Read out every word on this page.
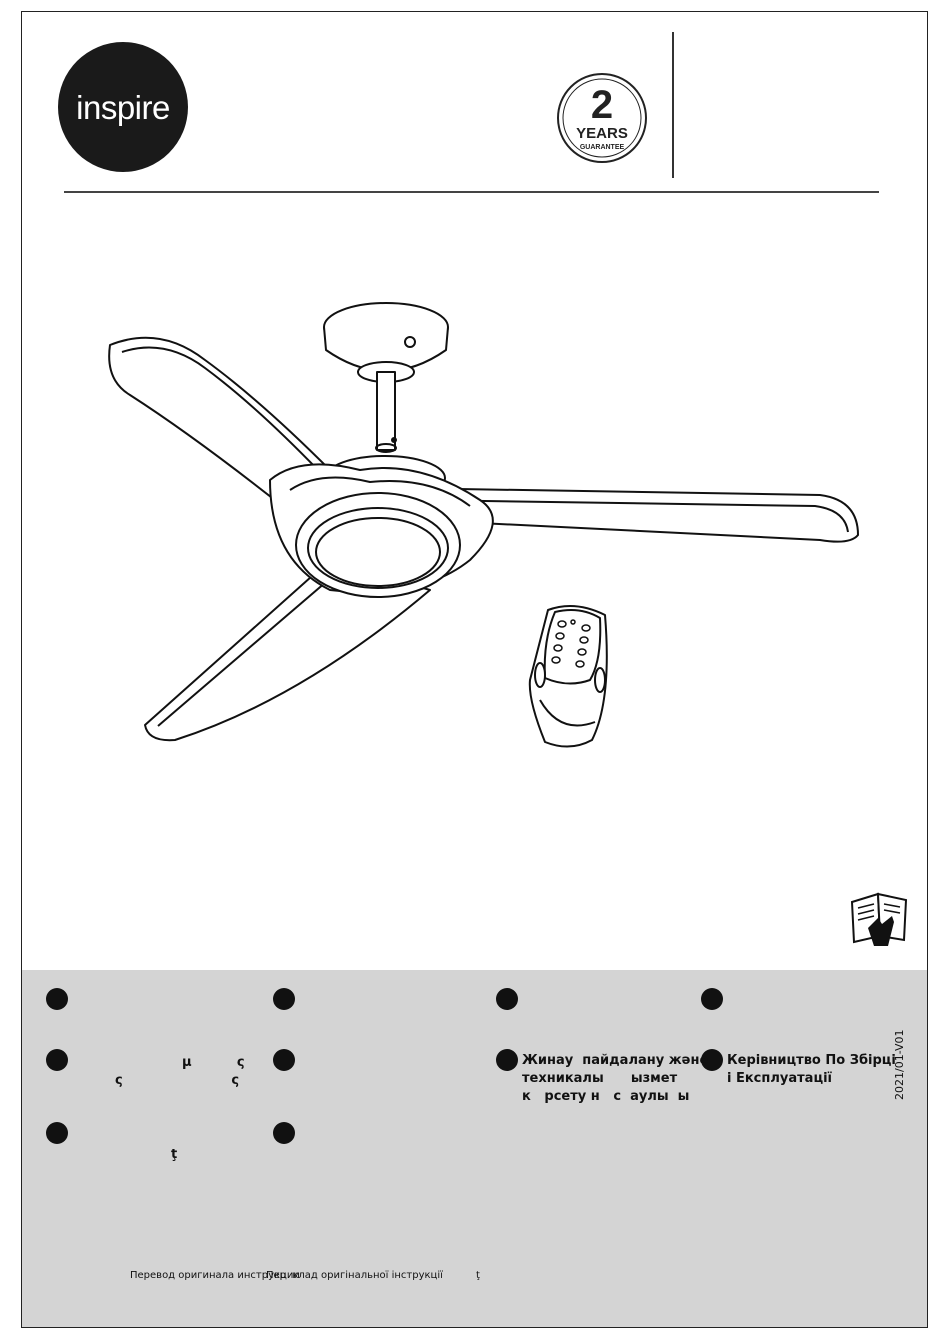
inspire	2
YEARS
GUARANTEE
μ          ς
ς                        ς
Жинау  пайдалану және
техникалы      ызмет
к   рсету н   с  аулы  ы
Керівництво По Збірці
і Експлуатації
ţ
Перевод оригинала инструкции
Пер  клад оригінальної інструкції	ţ
2021/01-V01
